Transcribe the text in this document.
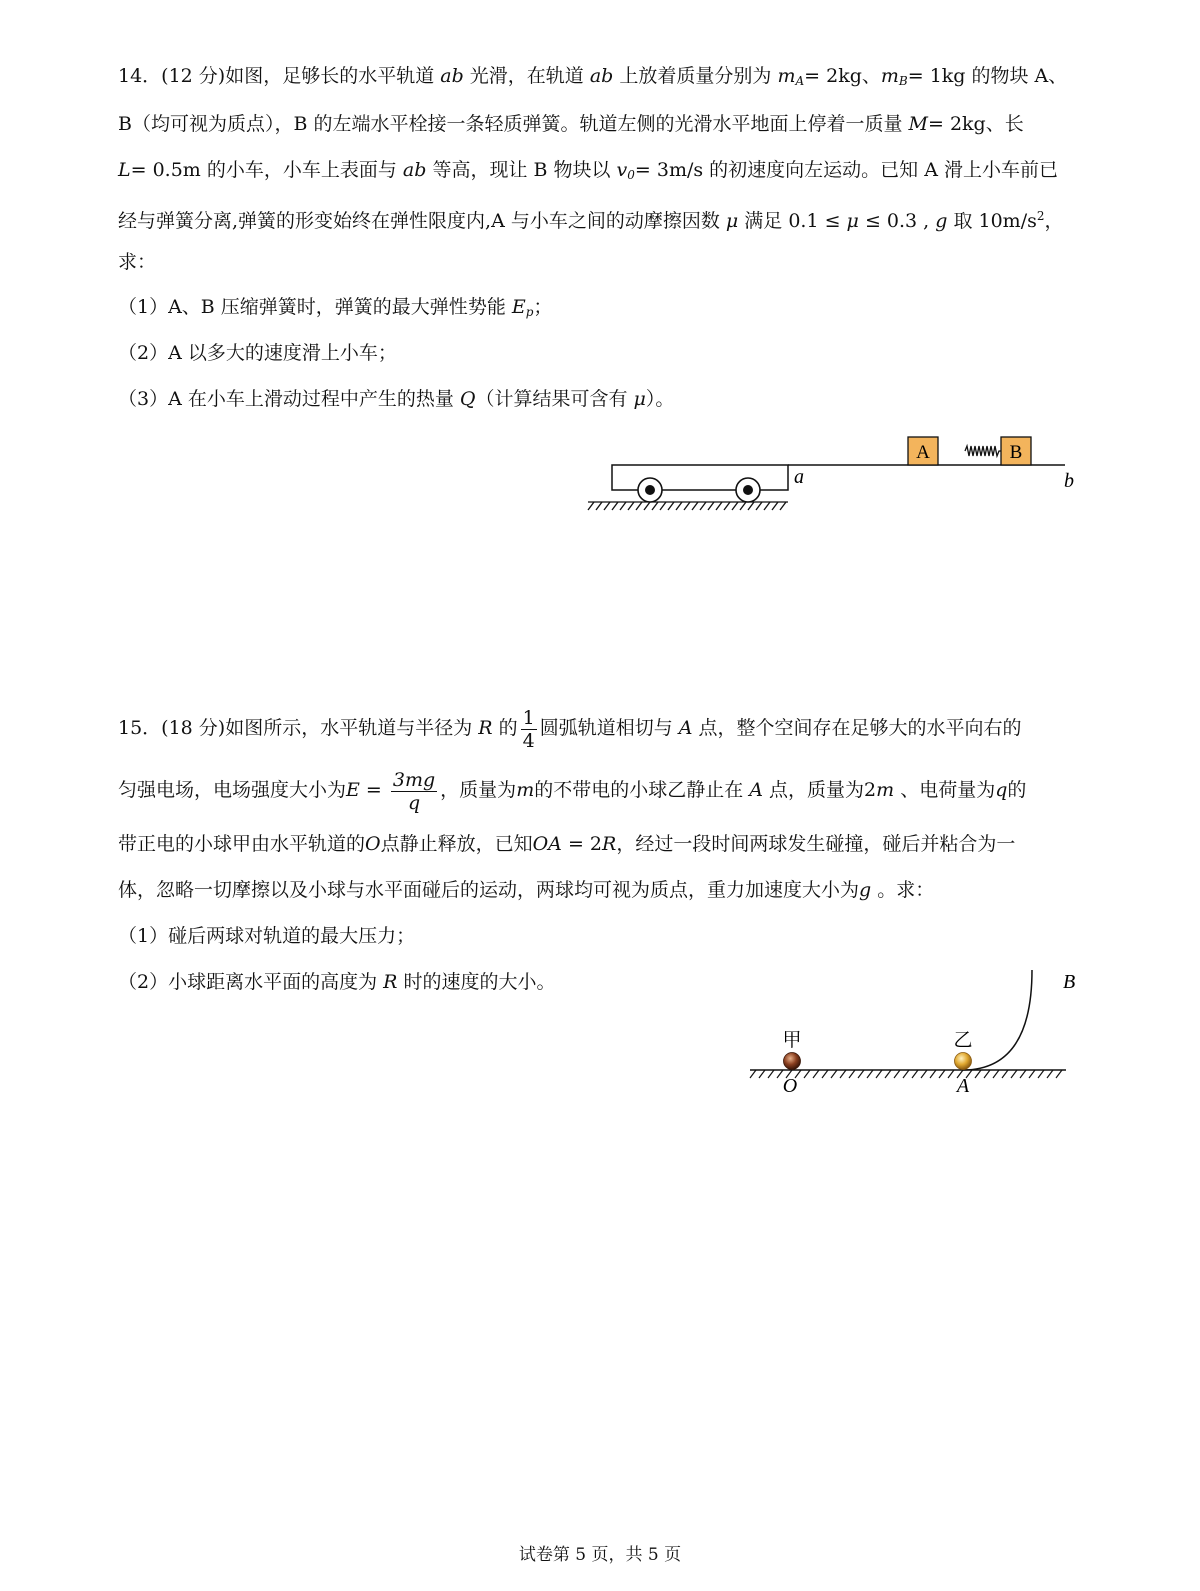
14．(12 分)如图，足够长的水平轨道 ab 光滑，在轨道 ab 上放着质量分别为 $m_A= 2kg$、$m_B= 1kg$ 的物块 A、
B（均可视为质点），B 的左端水平栓接一条轻质弹簧。轨道左侧的光滑水平地面上停着一质量 M= 2kg、长
L= 0.5m 的小车，小车上表面与 ab 等高，现让 B 物块以 $v_0= 3m/s$ 的初速度向左运动。已知 A 滑上小车前已
经与弹簧分离,弹簧的形变始终在弹性限度内,A 与小车之间的动摩擦因数 μ 满足 0.1 ≤ μ ≤ 0.3 , g 取 $10m/s^2$，
求：
（1）A、B 压缩弹簧时，弹簧的最大弹性势能 $E_p$；
（2）A 以多大的速度滑上小车；
（3）A 在小车上滑动过程中产生的热量 Q（计算结果可含有 μ）。
A	B
a	b
15．(18 分)如图所示，水平轨道与半径为 R 的 $\frac{1}{4}$ 圆弧轨道相切与 A 点，整个空间存在足够大的水平向右的
匀强电场，电场强度大小为$E = \frac{3mg}{q}$ ，质量为m的不带电的小球乙静止在 A 点，质量为2m 、电荷量为q的
带正电的小球甲由水平轨道的O点静止释放，已知OA = 2R，经过一段时间两球发生碰撞，碰后并粘合为一
体，忽略一切摩擦以及小球与水平面碰后的运动，两球均可视为质点，重力加速度大小为g 。求：
（1）碰后两球对轨道的最大压力；
（2）小球距离水平面的高度为 R 时的速度的大小。
甲	乙
O	A
B
试卷第 5 页，共 5 页
